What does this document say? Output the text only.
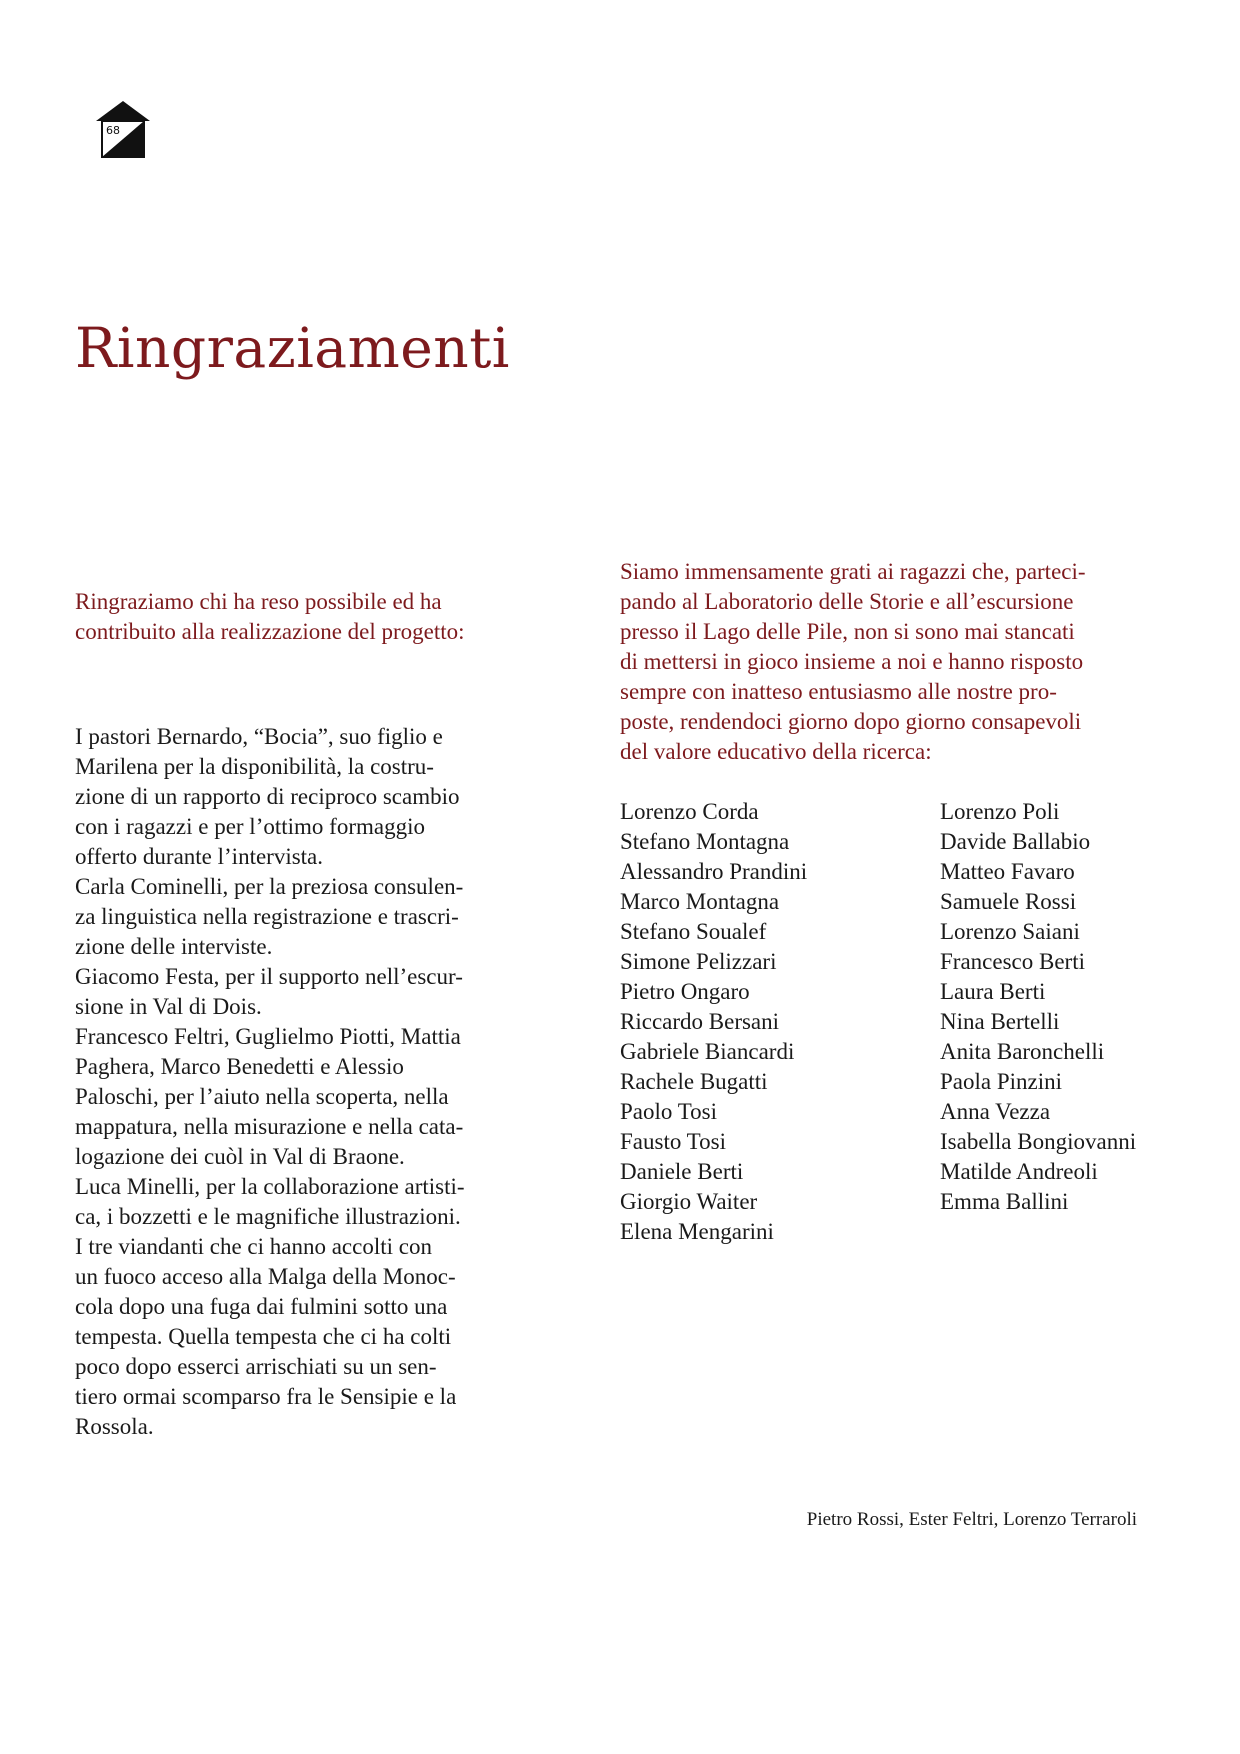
68
Ringraziamenti

Ringraziamo chi ha reso possibile ed ha
contribuito alla realizzazione del progetto:

I pastori Bernardo, “Bocia”, suo figlio e
Marilena per la disponibilità, la costru-
zione di un rapporto di reciproco scambio
con i ragazzi e per l’ottimo formaggio
offerto durante l’intervista.

Carla Cominelli, per la preziosa consulen-
za linguistica nella registrazione e trascri-
zione delle interviste.

Giacomo Festa, per il supporto nell’escur-
sione in Val di Dois.

Francesco Feltri, Guglielmo Piotti, Mattia
Paghera, Marco Benedetti e Alessio
Paloschi, per l’aiuto nella scoperta, nella
mappatura, nella misurazione e nella cata-
logazione dei cuòl in Val di Braone.

Luca Minelli, per la collaborazione artisti-
ca, i bozzetti e le magnifiche illustrazioni.

I tre viandanti che ci hanno accolti con
un fuoco acceso alla Malga della Monoc-
cola dopo una fuga dai fulmini sotto una
tempesta. Quella tempesta che ci ha colti
poco dopo esserci arrischiati su un sen-
tiero ormai scomparso fra le Sensipie e la
Rossola.

Siamo immensamente grati ai ragazzi che, parteci-
pando al Laboratorio delle Storie e all’escursione
presso il Lago delle Pile, non si sono mai stancati
di mettersi in gioco insieme a noi e hanno risposto
sempre con inatteso entusiasmo alle nostre pro-
poste, rendendoci giorno dopo giorno consapevoli
del valore educativo della ricerca:

Lorenzo Corda
Stefano Montagna
Alessandro Prandini
Marco Montagna
Stefano Soualef
Simone Pelizzari
Pietro Ongaro
Riccardo Bersani
Gabriele Biancardi
Rachele Bugatti
Paolo Tosi
Fausto Tosi
Daniele Berti
Giorgio Waiter
Elena Mengarini
Lorenzo Poli
Davide Ballabio
Matteo Favaro
Samuele Rossi
Lorenzo Saiani
Francesco Berti
Laura Berti
Nina Bertelli
Anita Baronchelli
Paola Pinzini
Anna Vezza
Isabella Bongiovanni
Matilde Andreoli
Emma Ballini
Pietro Rossi, Ester Feltri, Lorenzo Terraroli
